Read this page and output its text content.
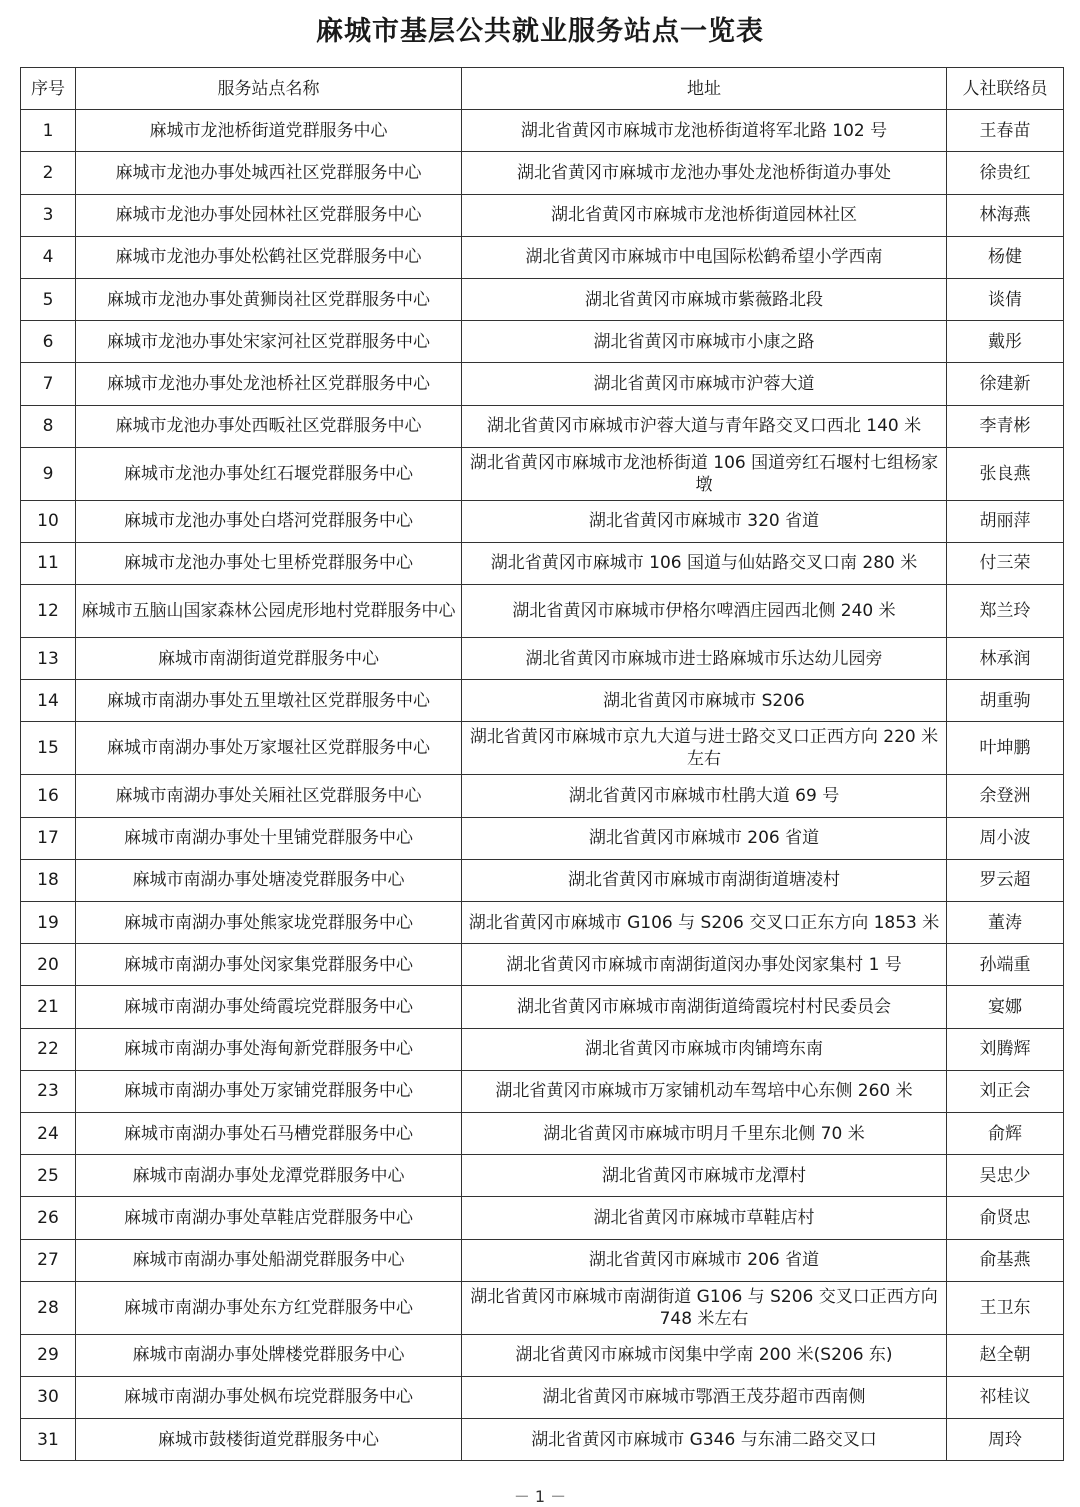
麻城市基层公共就业服务站点一览表
序号	服务站点名称	地址	人社联络员
1	麻城市龙池桥街道党群服务中心	湖北省黄冈市麻城市龙池桥街道将军北路 102 号	王春苗
2	麻城市龙池办事处城西社区党群服务中心	湖北省黄冈市麻城市龙池办事处龙池桥街道办事处	徐贵红
3	麻城市龙池办事处园林社区党群服务中心	湖北省黄冈市麻城市龙池桥街道园林社区	林海燕
4	麻城市龙池办事处松鹤社区党群服务中心	湖北省黄冈市麻城市中电国际松鹤希望小学西南	杨健
5	麻城市龙池办事处黄狮岗社区党群服务中心	湖北省黄冈市麻城市紫薇路北段	谈倩
6	麻城市龙池办事处宋家河社区党群服务中心	湖北省黄冈市麻城市小康之路	戴彤
7	麻城市龙池办事处龙池桥社区党群服务中心	湖北省黄冈市麻城市沪蓉大道	徐建新
8	麻城市龙池办事处西畈社区党群服务中心	湖北省黄冈市麻城市沪蓉大道与青年路交叉口西北 140 米	李青彬
9	麻城市龙池办事处红石堰党群服务中心	湖北省黄冈市麻城市龙池桥街道 106 国道旁红石堰村七组杨家墩	张良燕
10	麻城市龙池办事处白塔河党群服务中心	湖北省黄冈市麻城市 320 省道	胡丽萍
11	麻城市龙池办事处七里桥党群服务中心	湖北省黄冈市麻城市 106 国道与仙姑路交叉口南 280 米	付三荣
12	麻城市五脑山国家森林公园虎形地村党群服务中心	湖北省黄冈市麻城市伊格尔啤酒庄园西北侧 240 米	郑兰玲
13	麻城市南湖街道党群服务中心	湖北省黄冈市麻城市进士路麻城市乐达幼儿园旁	林承润
14	麻城市南湖办事处五里墩社区党群服务中心	湖北省黄冈市麻城市 S206	胡重驹
15	麻城市南湖办事处万家堰社区党群服务中心	湖北省黄冈市麻城市京九大道与进士路交叉口正西方向 220 米左右	叶坤鹏
16	麻城市南湖办事处关厢社区党群服务中心	湖北省黄冈市麻城市杜鹃大道 69 号	余登洲
17	麻城市南湖办事处十里铺党群服务中心	湖北省黄冈市麻城市 206 省道	周小波
18	麻城市南湖办事处塘凌党群服务中心	湖北省黄冈市麻城市南湖街道塘凌村	罗云超
19	麻城市南湖办事处熊家垅党群服务中心	湖北省黄冈市麻城市 G106 与 S206 交叉口正东方向 1853 米	董涛
20	麻城市南湖办事处闵家集党群服务中心	湖北省黄冈市麻城市南湖街道闵办事处闵家集村 1 号	孙端重
21	麻城市南湖办事处绮霞垸党群服务中心	湖北省黄冈市麻城市南湖街道绮霞垸村村民委员会	宴娜
22	麻城市南湖办事处海甸新党群服务中心	湖北省黄冈市麻城市肉铺塆东南	刘腾辉
23	麻城市南湖办事处万家铺党群服务中心	湖北省黄冈市麻城市万家铺机动车驾培中心东侧 260 米	刘正会
24	麻城市南湖办事处石马槽党群服务中心	湖北省黄冈市麻城市明月千里东北侧 70 米	俞辉
25	麻城市南湖办事处龙潭党群服务中心	湖北省黄冈市麻城市龙潭村	吴忠少
26	麻城市南湖办事处草鞋店党群服务中心	湖北省黄冈市麻城市草鞋店村	俞贤忠
27	麻城市南湖办事处船湖党群服务中心	湖北省黄冈市麻城市 206 省道	俞基燕
28	麻城市南湖办事处东方红党群服务中心	湖北省黄冈市麻城市南湖街道 G106 与 S206 交叉口正西方向 748 米左右	王卫东
29	麻城市南湖办事处牌楼党群服务中心	湖北省黄冈市麻城市闵集中学南 200 米(S206 东)	赵全朝
30	麻城市南湖办事处枫布垸党群服务中心	湖北省黄冈市麻城市鄂酒王茂芬超市西南侧	祁桂议
31	麻城市鼓楼街道党群服务中心	湖北省黄冈市麻城市 G346 与东浦二路交叉口	周玲
－ 1 －
